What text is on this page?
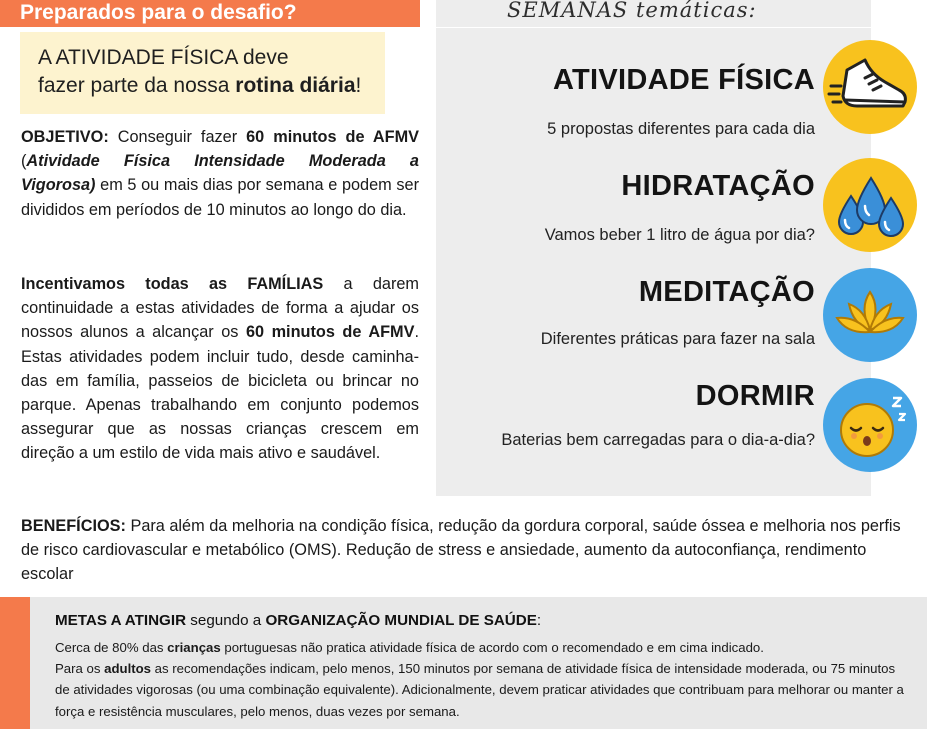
Preparados para o desafio?	SEMANAS temáticas:
A ATIVIDADE FÍSICA deve
fazer parte da nossa rotina diária!
OBJETIVO: Conseguir fazer 60 minutos de AFMV (Atividade Física Intensidade Moderada a Vigorosa) em 5 ou mais dias por semana e podem ser divididos em períodos de 10 minutos ao longo do dia.
Incentivamos todas as FAMÍLIAS a darem continuidade a estas atividades de forma a ajudar os nossos alunos a alcançar os 60 minutos de AFMV. Estas atividades podem incluir tudo, desde caminha-das em família, passeios de bicicleta ou brincar no parque. Apenas trabalhando em conjunto podemos assegurar que as nossas crianças crescem em direção a um estilo de vida mais ativo e saudável.
ATIVIDADE FÍSICA
5 propostas diferentes para cada dia
HIDRATAÇÃO
Vamos beber 1 litro de água por dia?
MEDITAÇÃO
Diferentes práticas para fazer na sala
DORMIR
Baterias bem carregadas para o dia-a-dia?
BENEFÍCIOS: Para além da melhoria na condição física, redução da gordura corporal, saúde óssea e melhoria nos perfis de risco cardiovascular e metabólico (OMS). Redução de stress e ansiedade, aumento da autoconfiança, rendimento escolar
METAS A ATINGIR segundo a ORGANIZAÇÃO MUNDIAL DE SAÚDE:
Cerca de 80% das crianças portuguesas não pratica atividade física de acordo com o recomendado e em cima indicado.
Para os adultos as recomendações indicam, pelo menos, 150 minutos por semana de atividade física de intensidade moderada, ou 75 minutos de atividades vigorosas (ou uma combinação equivalente). Adicionalmente, devem praticar atividades que contribuam para melhorar ou manter a força e resistência musculares, pelo menos, duas vezes por semana.
